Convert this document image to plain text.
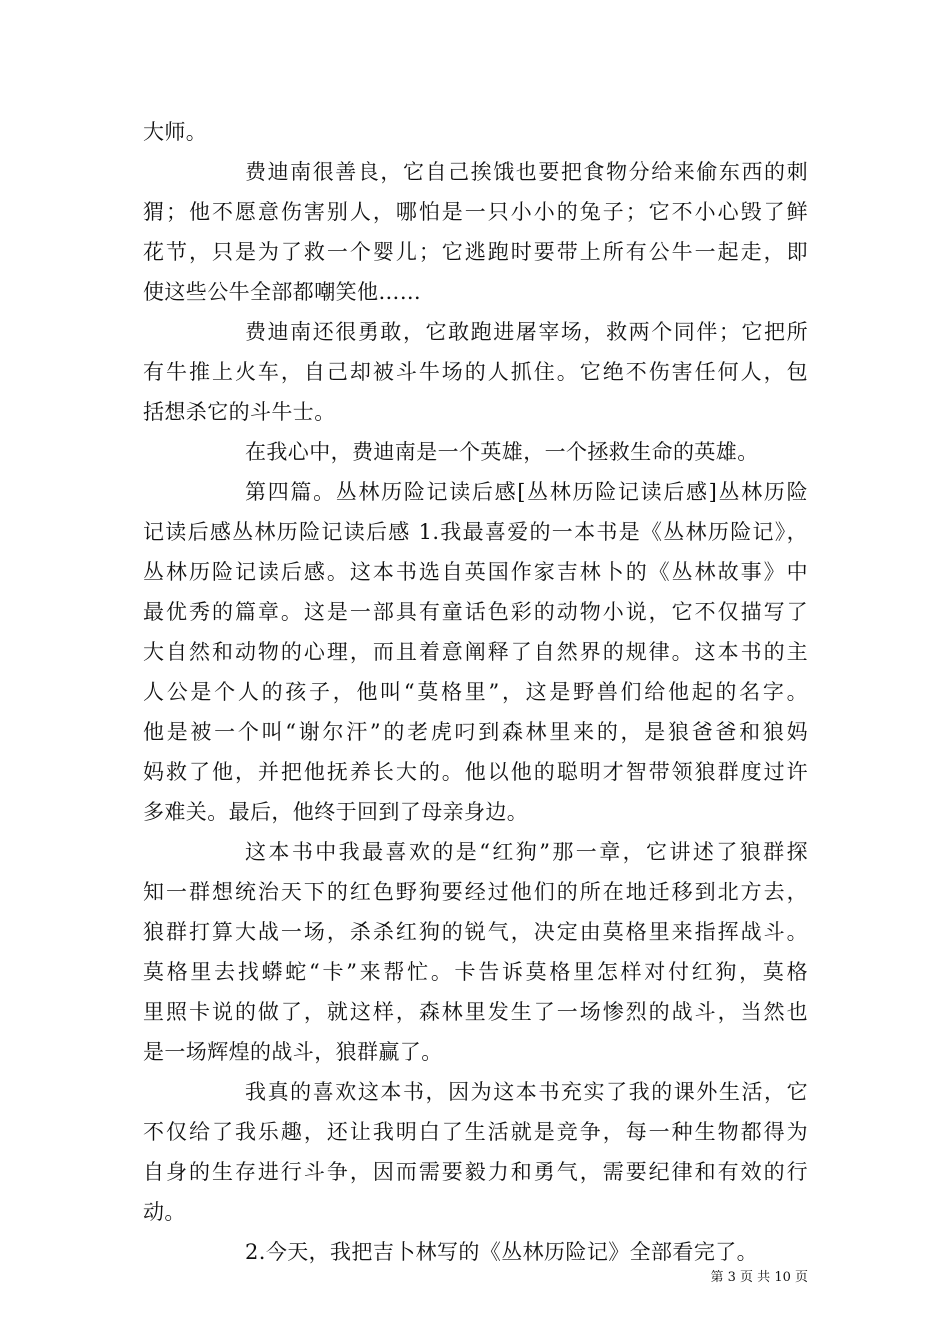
大师。
费迪南很善良，它自己挨饿也要把食物分给来偷东西的刺
猬；他不愿意伤害别人，哪怕是一只小小的兔子；它不小心毁了鲜
花节，只是为了救一个婴儿；它逃跑时要带上所有公牛一起走，即
使这些公牛全部都嘲笑他……
费迪南还很勇敢，它敢跑进屠宰场，救两个同伴；它把所
有牛推上火车，自己却被斗牛场的人抓住。它绝不伤害任何人，包
括想杀它的斗牛士。
在我心中，费迪南是一个英雄，一个拯救生命的英雄。
第四篇。丛林历险记读后感[丛林历险记读后感]丛林历险
记读后感丛林历险记读后感 1.我最喜爱的一本书是《丛林历险记》，
丛林历险记读后感。这本书选自英国作家吉林卜的《丛林故事》中
最优秀的篇章。这是一部具有童话色彩的动物小说，它不仅描写了
大自然和动物的心理，而且着意阐释了自然界的规律。这本书的主
人公是个人的孩子，他叫“莫格里”，这是野兽们给他起的名字。
他是被一个叫“谢尔汗”的老虎叼到森林里来的，是狼爸爸和狼妈
妈救了他，并把他抚养长大的。他以他的聪明才智带领狼群度过许
多难关。最后，他终于回到了母亲身边。
这本书中我最喜欢的是“红狗”那一章，它讲述了狼群探
知一群想统治天下的红色野狗要经过他们的所在地迁移到北方去，
狼群打算大战一场，杀杀红狗的锐气，决定由莫格里来指挥战斗。
莫格里去找蟒蛇“卡”来帮忙。卡告诉莫格里怎样对付红狗，莫格
里照卡说的做了，就这样，森林里发生了一场惨烈的战斗，当然也
是一场辉煌的战斗，狼群赢了。
我真的喜欢这本书，因为这本书充实了我的课外生活，它
不仅给了我乐趣，还让我明白了生活就是竞争，每一种生物都得为
自身的生存进行斗争，因而需要毅力和勇气，需要纪律和有效的行
动。
2.今天，我把吉卜林写的《丛林历险记》全部看完了。
第 3 页 共 10 页
